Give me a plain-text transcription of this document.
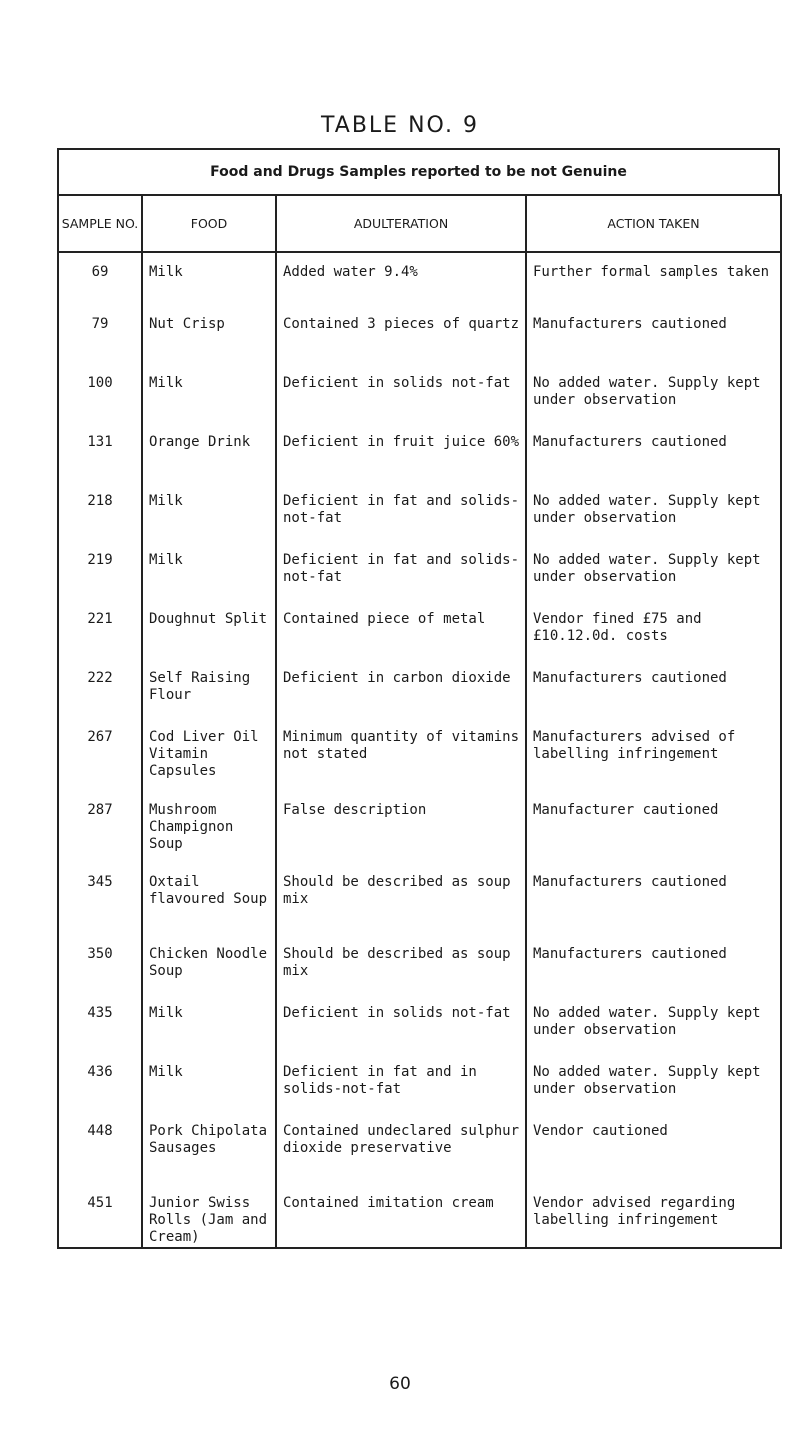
TABLE NO. 9
Food and Drugs Samples reported to be not Genuine
SAMPLE NO.	FOOD	ADULTERATION	ACTION TAKEN
69	Milk	Added water 9.4%	Further formal samples taken
79	Nut Crisp	Contained 3 pieces of quartz	Manufacturers cautioned
100	Milk	Deficient in solids not-fat	No added water. Supply kept under observation
131	Orange Drink	Deficient in fruit juice 60%	Manufacturers cautioned
218	Milk	Deficient in fat and solids-not-fat	No added water. Supply kept under observation
219	Milk	Deficient in fat and solids-not-fat	No added water. Supply kept under observation
221	Doughnut Split	Contained piece of metal	Vendor fined £75 and £10.12.0d. costs
222	Self Raising Flour	Deficient in carbon dioxide	Manufacturers cautioned
267	Cod Liver Oil Vitamin Capsules	Minimum quantity of vitamins not stated	Manufacturers advised of labelling infringement
287	Mushroom Champignon Soup	False description	Manufacturer cautioned
345	Oxtail flavoured Soup	Should be described as soup mix	Manufacturers cautioned
350	Chicken Noodle Soup	Should be described as soup mix	Manufacturers cautioned
435	Milk	Deficient in solids not-fat	No added water. Supply kept under observation
436	Milk	Deficient in fat and in solids-not-fat	No added water. Supply kept under observation
448	Pork Chipolata Sausages	Contained undeclared sulphur dioxide preservative	Vendor cautioned
451	Junior Swiss Rolls (Jam and Cream)	Contained imitation cream	Vendor advised regarding labelling infringement
60
